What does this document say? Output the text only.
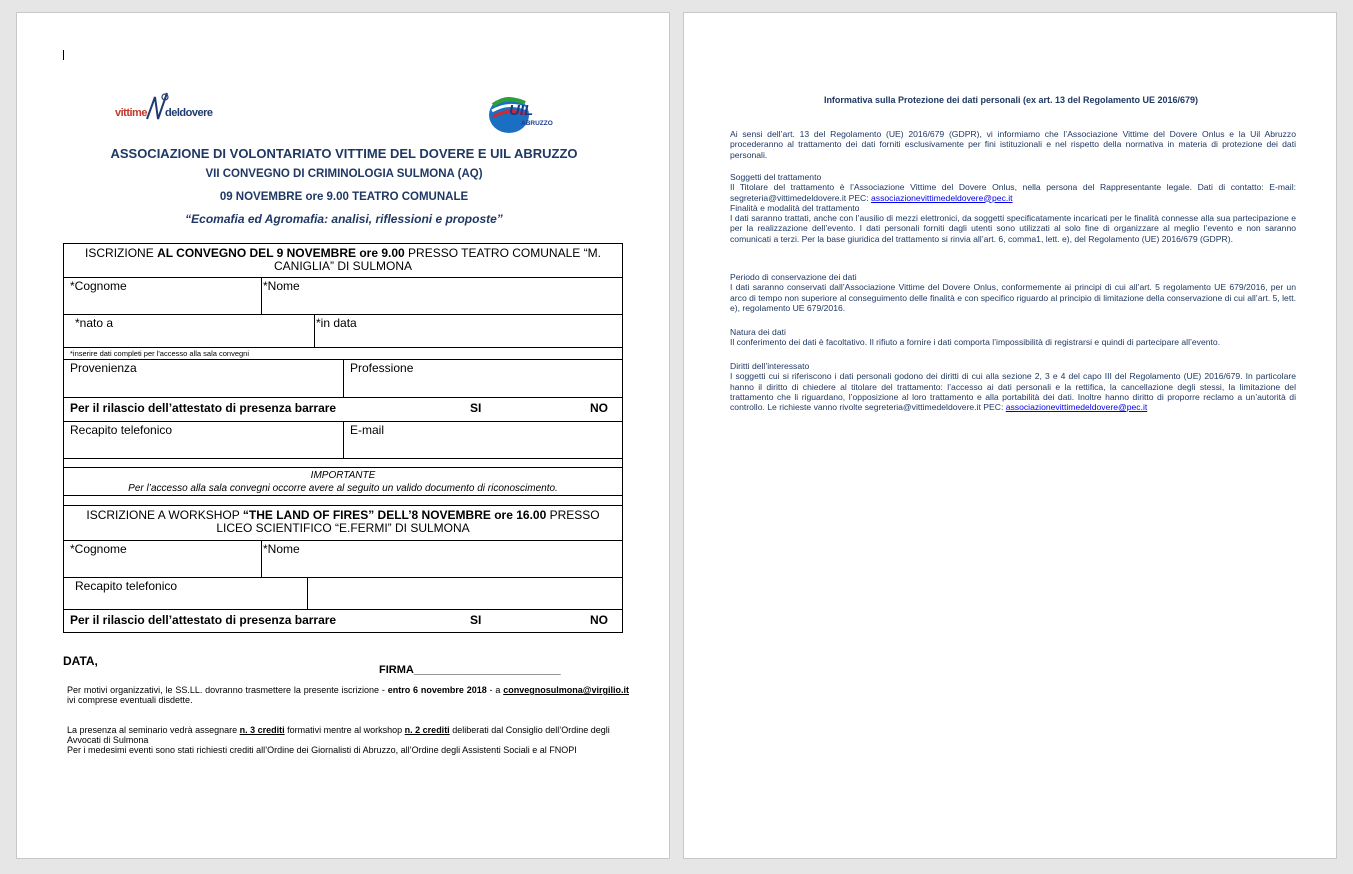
vittime deldovere	UIL
ABRUZZO
ASSOCIAZIONE DI VOLONTARIATO VITTIME DEL DOVERE E UIL ABRUZZO
VII CONVEGNO DI CRIMINOLOGIA SULMONA (AQ)
09 NOVEMBRE ore 9.00 TEATRO COMUNALE
“Ecomafia ed Agromafia: analisi, riflessioni e proposte”
ISCRIZIONE AL CONVEGNO DEL 9 NOVEMBRE ore 9.00 PRESSO TEATRO COMUNALE “M. CANIGLIA” DI SULMONA
*Cognome	*Nome
*nato a	*in data
*inserire dati completi per l'accesso alla sala convegni
Provenienza	Professione
Per il rilascio dell’attestato di presenza barrare	SI	NO
Recapito telefonico	E-mail
IMPORTANTE
Per l’accesso alla sala convegni occorre avere al seguito un valido documento di riconoscimento.
ISCRIZIONE A WORKSHOP “THE LAND OF FIRES” DELL’8 NOVEMBRE ore 16.00 PRESSO LICEO SCIENTIFICO “E.FERMI” DI SULMONA
*Cognome	*Nome
Recapito telefonico
Per il rilascio dell’attestato di presenza barrare	SI	NO
DATA,
FIRMA________________________
Per motivi organizzativi, le SS.LL. dovranno trasmettere la presente iscrizione - entro 6 novembre 2018 - a convegnosulmona@virgilio.it ivi comprese eventuali disdette.
La presenza al seminario vedrà assegnare n. 3 crediti formativi mentre al workshop n. 2 crediti deliberati dal Consiglio dell’Ordine degli Avvocati di Sulmona
Per i medesimi eventi sono stati richiesti crediti all’Ordine dei Giornalisti di Abruzzo, all’Ordine degli Assistenti Sociali e al FNOPI
Informativa sulla Protezione dei dati personali (ex art. 13 del Regolamento UE 2016/679)
Ai sensi dell’art. 13 del Regolamento (UE) 2016/679 (GDPR), vi informiamo che l’Associazione Vittime del Dovere Onlus e la Uil Abruzzo procederanno al trattamento dei dati forniti esclusivamente per fini istituzionali e nel rispetto della normativa in materia di protezione dei dati personali.
Soggetti del trattamento
Il Titolare del trattamento è l’Associazione Vittime del Dovere Onlus, nella persona del Rappresentante legale. Dati di contatto: E-mail: segreteria@vittimedeldovere.it PEC: associazionevittimedeldovere@pec.it
Finalità e modalità del trattamento
I dati saranno trattati, anche con l’ausilio di mezzi elettronici, da soggetti specificatamente incaricati per le finalità connesse alla sua partecipazione e per la realizzazione dell’evento. I dati personali forniti dagli utenti sono utilizzati al solo fine di organizzare al meglio l’evento e non saranno comunicati a terzi. Per la base giuridica del trattamento si rinvia all’art. 6, comma1, lett. e), del Regolamento (UE) 2016/679 (GDPR).
Periodo di conservazione dei dati
I dati saranno conservati dall’Associazione Vittime del Dovere Onlus, conformemente ai principi di cui all’art. 5 regolamento UE 679/2016, per un arco di tempo non superiore al conseguimento delle finalità e con specifico riguardo al principio di limitazione della conservazione di cui all’art. 5, lett. e), regolamento UE 679/2016.
Natura dei dati
Il conferimento dei dati è facoltativo. Il rifiuto a fornire i dati comporta l’impossibilità di registrarsi e quindi di partecipare all’evento.
Diritti dell’interessato
I soggetti cui si riferiscono i dati personali godono dei diritti di cui alla sezione 2, 3 e 4 del capo III del Regolamento (UE) 2016/679. In particolare hanno il diritto di chiedere al titolare del trattamento: l’accesso ai dati personali e la rettifica, la cancellazione degli stessi, la limitazione del trattamento che li riguardano, l’opposizione al loro trattamento e alla portabilità dei dati. Inoltre hanno diritto di proporre reclamo a un’autorità di controllo. Le richieste vanno rivolte segreteria@vittimedeldovere.it PEC: associazionevittimedeldovere@pec.it
